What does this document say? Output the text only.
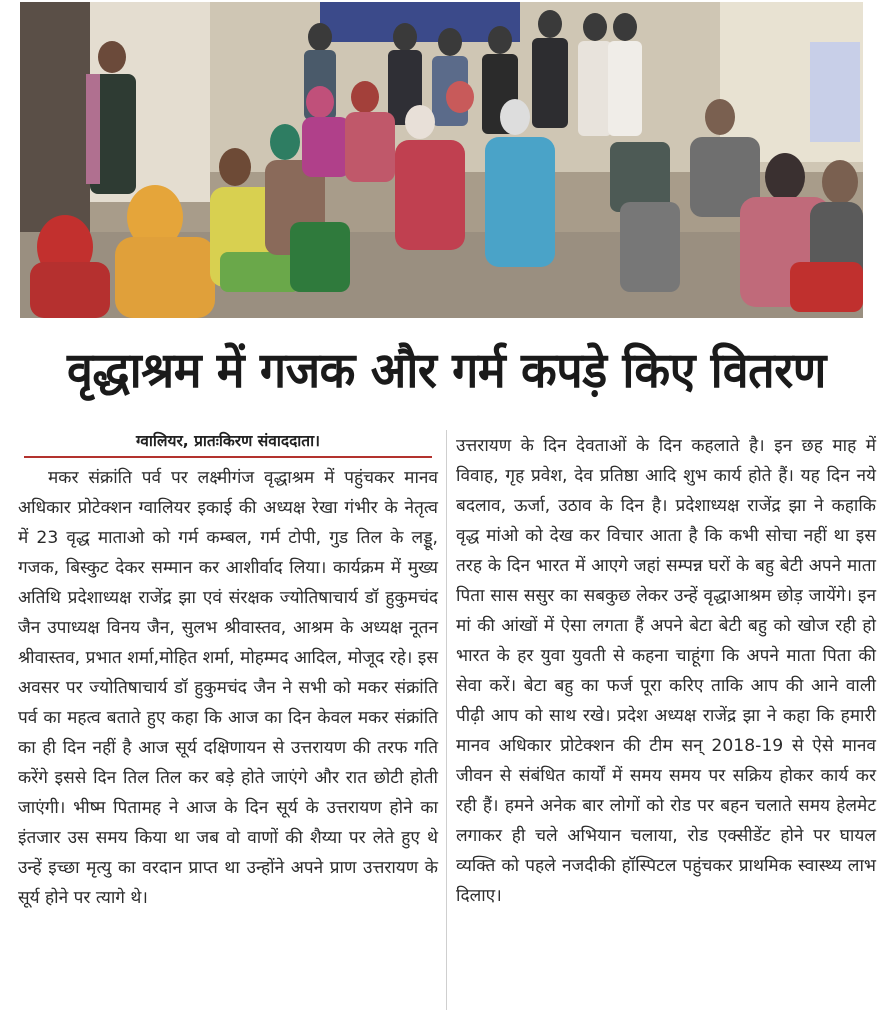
वृद्धाश्रम में गजक और गर्म कपड़े किए वितरण
ग्वालियर, प्रातःकिरण संवाददाता।

मकर संक्रांति पर्व पर लक्ष्मीगंज वृद्धाश्रम में पहुंचकर मानव अधिकार प्रोटेक्शन ग्वालियर इकाई की अध्यक्ष रेखा गंभीर के नेतृत्व में 23 वृद्ध माताओ को गर्म कम्बल, गर्म टोपी, गुड तिल के लड्डू, गजक, बिस्कुट देकर सम्मान कर आशीर्वाद लिया। कार्यक्रम में मुख्य अतिथि प्रदेशाध्यक्ष राजेंद्र झा एवं संरक्षक ज्योतिषाचार्य डॉ हुकुमचंद जैन उपाध्यक्ष विनय जैन, सुलभ श्रीवास्तव, आश्रम के अध्यक्ष नूतन श्रीवास्तव, प्रभात शर्मा,मोहित शर्मा, मोहम्मद आदिल, मोजूद रहे। इस अवसर पर ज्योतिषाचार्य डॉ हुकुमचंद जैन ने सभी को मकर संक्रांति पर्व का महत्व बताते हुए कहा कि आज का दिन केवल मकर संक्रांति का ही दिन नहीं है आज सूर्य दक्षिणायन से उत्तरायण की तरफ गति करेंगे इससे दिन तिल तिल कर बड़े होते जाएंगे और रात छोटी होती जाएंगी। भीष्म पितामह ने आज के दिन सूर्य के उत्तरायण होने का इंतजार उस समय किया था जब वो वाणों की शैय्या पर लेते हुए थे उन्हें इच्छा मृत्यु का वरदान प्राप्त था उन्होंने अपने प्राण उत्तरायण के सूर्य होने पर त्यागे थे।

उत्तरायण के दिन देवताओं के दिन कहलाते है। इन छह माह में विवाह, गृह प्रवेश, देव प्रतिष्ठा आदि शुभ कार्य होते हैं। यह दिन नये बदलाव, ऊर्जा, उठाव के दिन है। प्रदेशाध्यक्ष राजेंद्र झा ने कहाकि वृद्ध मांओ को देख कर विचार आता है कि कभी सोचा नहीं था इस तरह के दिन भारत में आएगे जहां सम्पन्न घरों के बहु बेटी अपने माता पिता सास ससुर का सबकुछ लेकर उन्हें वृद्धाआश्रम छोड़ जायेंगे। इन मां की आंखों में ऐसा लगता हैं अपने बेटा बेटी बहु को खोज रही हो भारत के हर युवा युवती से कहना चाहूंगा कि अपने माता पिता की सेवा करें। बेटा बहु का फर्ज पूरा करिए ताकि आप की आने वाली पीढ़ी आप को साथ रखे। प्रदेश अध्यक्ष राजेंद्र झा ने कहा कि हमारी मानव अधिकार प्रोटेक्शन की टीम सन् 2018-19 से ऐसे मानव जीवन से संबंधित कार्यों में समय समय पर सक्रिय होकर कार्य कर रही हैं। हमने अनेक बार लोगों को रोड पर बहन चलाते समय हेलमेट लगाकर ही चले अभियान चलाया, रोड एक्सीडेंट होने पर घायल व्यक्ति को पहले नजदीकी हॉस्पिटल पहुंचकर प्राथमिक स्वास्थ्य लाभ दिलाए।
